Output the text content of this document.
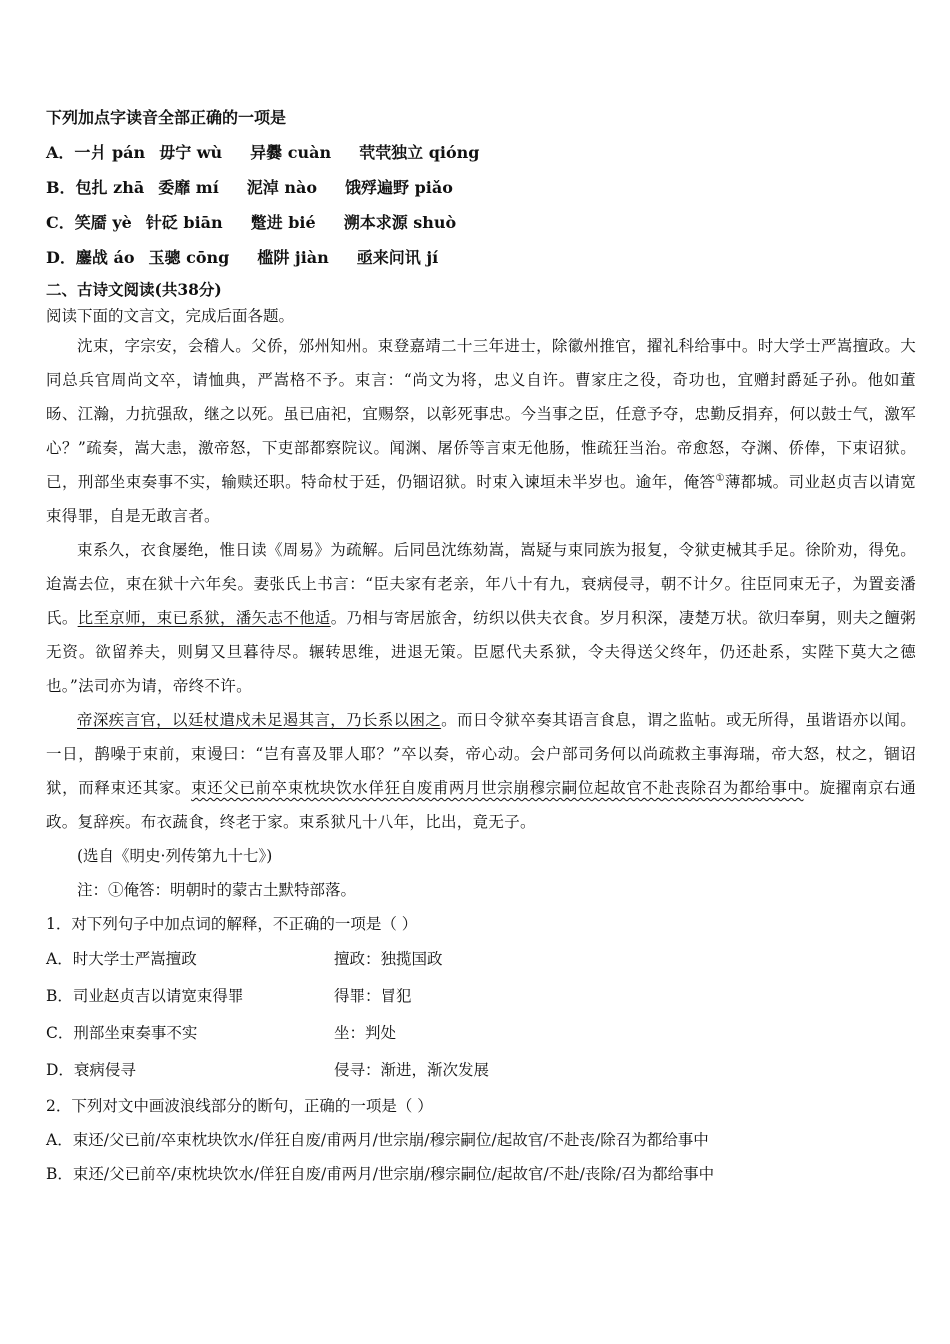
下列加点字读音全部正确的一项是
A．一爿 pán 毋宁 wù 异爨 cuàn 茕茕独立 qióng
B．包扎 zhā 委靡 mí 泥淖 nào 饿殍遍野 piǎo
C．笑靥 yè 针砭 biān 蹩进 bié 溯本求源 shuò
D．鏖战 áo 玉骢 cōng 槛阱 jiàn 亟来问讯 jí
二、古诗文阅读(共38分)
阅读下面的文言文，完成后面各题。

沈束，字宗安，会稽人。父侨，邠州知州。束登嘉靖二十三年进士，除徽州推官，擢礼科给事中。时大学士严嵩擅政。大同总兵官周尚文卒，请恤典，严嵩格不予。束言：“尚文为将，忠义自许。曹家庄之役，奇功也，宜赠封爵延子孙。他如董旸、江瀚，力抗强敌，继之以死。虽已庙祀，宜赐祭，以彰死事忠。今当事之臣，任意予夺，忠勤反捐弃，何以鼓士气，激军心？”疏奏，嵩大恚，激帝怒，下吏部都察院议。闻渊、屠侨等言束无他肠，惟疏狂当治。帝愈怒，夺渊、侨俸，下束诏狱。已，刑部坐束奏事不实，输赎还职。特命杖于廷，仍锢诏狱。时束入谏垣未半岁也。逾年，俺答①薄都城。司业赵贞吉以请宽束得罪，自是无敢言者。

束系久，衣食屡绝，惟日读《周易》为疏解。后同邑沈练劾嵩，嵩疑与束同族为报复，令狱吏械其手足。徐阶劝，得免。迨嵩去位，束在狱十六年矣。妻张氏上书言：“臣夫家有老亲，年八十有九，衰病侵寻，朝不计夕。往臣同束无子，为置妾潘氏。比至京师，束已系狱，潘矢志不他适。乃相与寄居旅舍，纺织以供夫衣食。岁月积深，凄楚万状。欲归奉舅，则夫之饘粥无资。欲留养夫，则舅又旦暮待尽。辗转思维，进退无策。臣愿代夫系狱，令夫得送父终年，仍还赴系，实陛下莫大之德也。”法司亦为请，帝终不许。

帝深疾言官，以廷杖遣戍未足遏其言，乃长系以困之。而日令狱卒奏其语言食息，谓之监帖。或无所得，虽谐语亦以闻。一日，鹊噪于束前，束谩曰：“岂有喜及罪人耶？”卒以奏，帝心动。会户部司务何以尚疏救主事海瑞，帝大怒，杖之，锢诏狱，而释束还其家。束还父已前卒束枕块饮水佯狂自废甫两月世宗崩穆宗嗣位起故官不赴丧除召为都给事中。旋擢南京右通政。复辞疾。布衣蔬食，终老于家。束系狱凡十八年，比出，竟无子。

(选自《明史·列传第九十七》)
注：①俺答：明朝时的蒙古土默特部落。
1．对下列句子中加点词的解释，不正确的一项是（ ）
A．时大学士严嵩擅政	擅政：独揽国政
B．司业赵贞吉以请宽束得罪	得罪：冒犯
C．刑部坐束奏事不实	坐：判处
D．衰病侵寻	侵寻：渐进，渐次发展
2．下列对文中画波浪线部分的断句，正确的一项是（ ）
A．束还/父已前/卒束枕块饮水/佯狂自废/甫两月/世宗崩/穆宗嗣位/起故官/不赴丧/除召为都给事中
B．束还/父已前卒/束枕块饮水/佯狂自废/甫两月/世宗崩/穆宗嗣位/起故官/不赴/丧除/召为都给事中
